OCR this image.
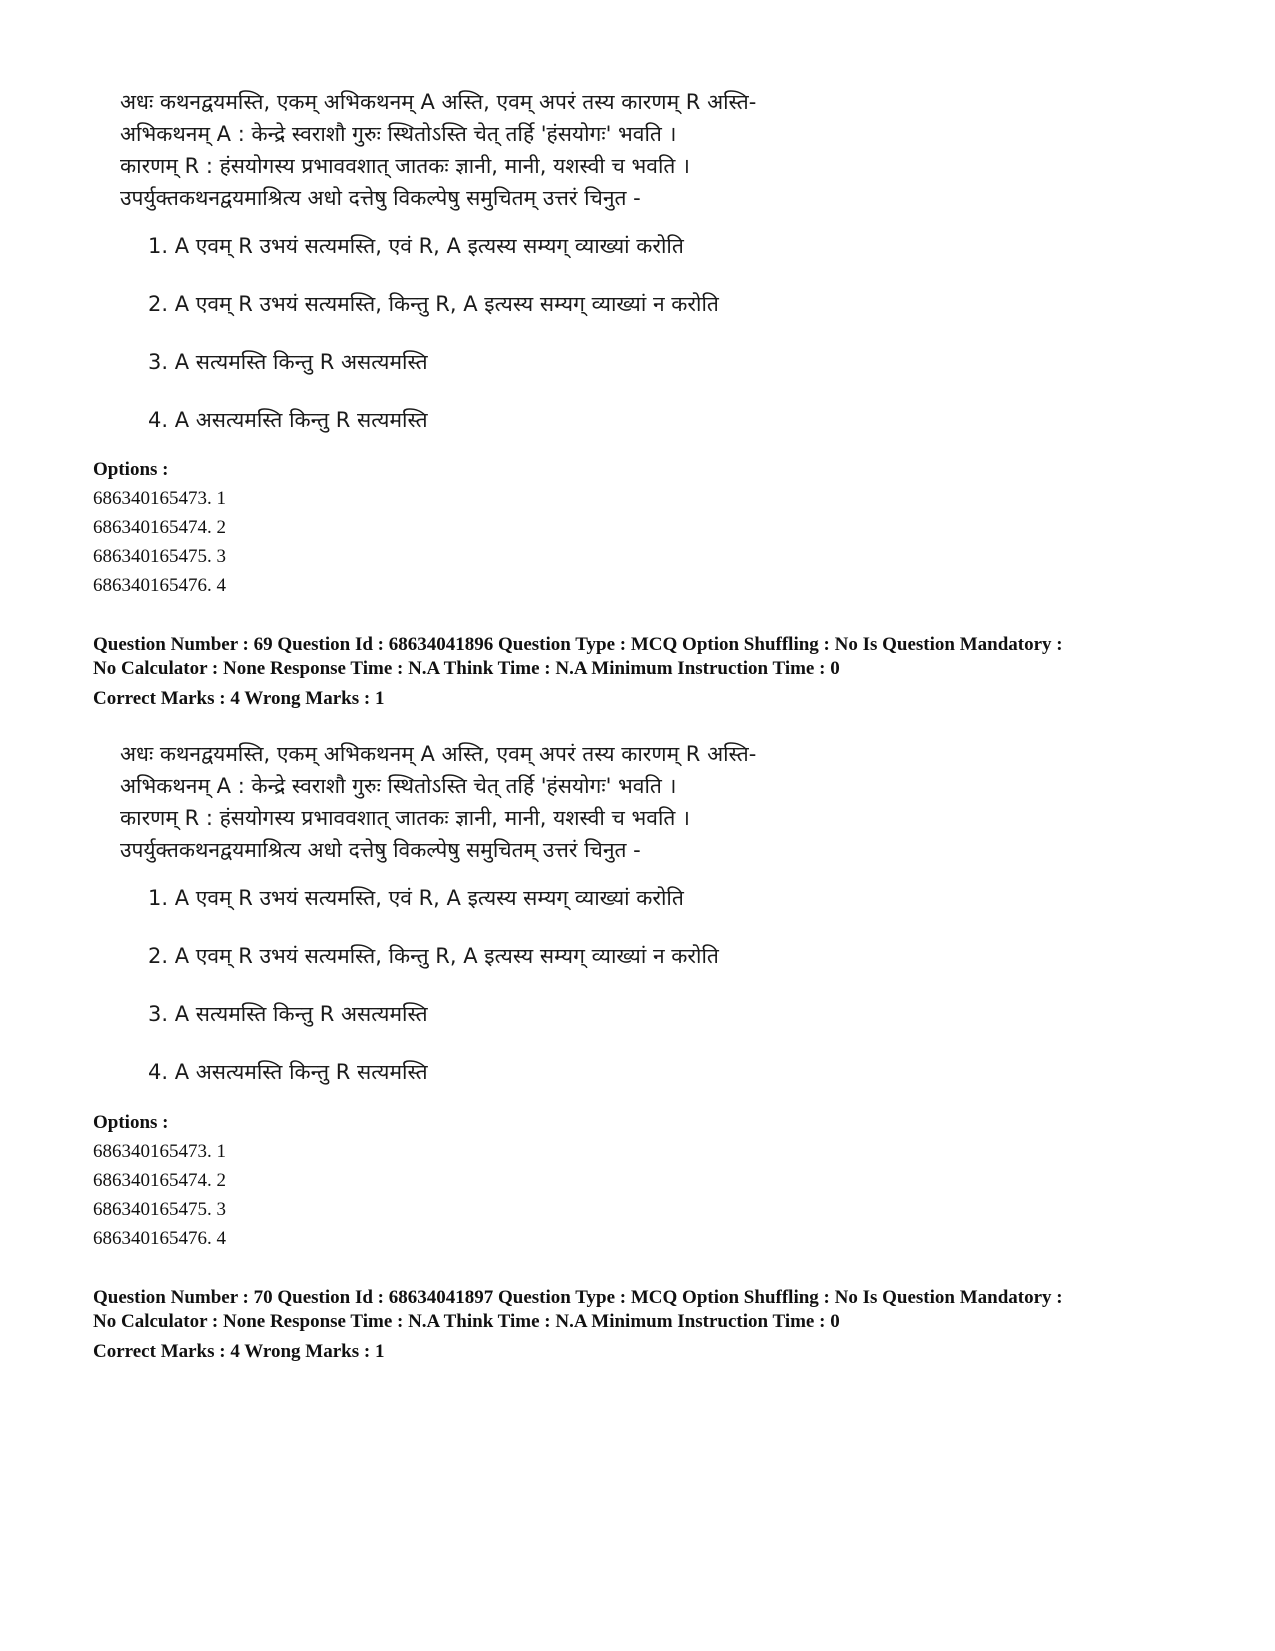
अधः कथनद्वयमस्ति, एकम् अभिकथनम् A अस्ति, एवम् अपरं तस्य कारणम् R अस्ति-
अभिकथनम् A : केन्द्रे स्वराशौ गुरुः स्थितोऽस्ति चेत् तर्हि 'हंसयोगः' भवति ।
कारणम् R : हंसयोगस्य प्रभाववशात् जातकः ज्ञानी, मानी, यशस्वी च भवति ।
उपर्युक्तकथनद्वयमाश्रित्य अधो दत्तेषु विकल्पेषु समुचितम् उत्तरं चिनुत -
1. A एवम् R उभयं सत्यमस्ति, एवं R, A इत्यस्य सम्यग् व्याख्यां करोति
2. A एवम् R उभयं सत्यमस्ति, किन्तु R, A इत्यस्य सम्यग् व्याख्यां न करोति
3. A सत्यमस्ति किन्तु R असत्यमस्ति
4. A असत्यमस्ति किन्तु R सत्यमस्ति
Options :
686340165473. 1
686340165474. 2
686340165475. 3
686340165476. 4
Question Number : 69 Question Id : 68634041896 Question Type : MCQ Option Shuffling : No Is Question Mandatory :
No Calculator : None Response Time : N.A Think Time : N.A Minimum Instruction Time : 0
Correct Marks : 4 Wrong Marks : 1
अधः कथनद्वयमस्ति, एकम् अभिकथनम् A अस्ति, एवम् अपरं तस्य कारणम् R अस्ति-
अभिकथनम् A : केन्द्रे स्वराशौ गुरुः स्थितोऽस्ति चेत् तर्हि 'हंसयोगः' भवति ।
कारणम् R : हंसयोगस्य प्रभाववशात् जातकः ज्ञानी, मानी, यशस्वी च भवति ।
उपर्युक्तकथनद्वयमाश्रित्य अधो दत्तेषु विकल्पेषु समुचितम् उत्तरं चिनुत -
1. A एवम् R उभयं सत्यमस्ति, एवं R, A इत्यस्य सम्यग् व्याख्यां करोति
2. A एवम् R उभयं सत्यमस्ति, किन्तु R, A इत्यस्य सम्यग् व्याख्यां न करोति
3. A सत्यमस्ति किन्तु R असत्यमस्ति
4. A असत्यमस्ति किन्तु R सत्यमस्ति
Options :
686340165473. 1
686340165474. 2
686340165475. 3
686340165476. 4
Question Number : 70 Question Id : 68634041897 Question Type : MCQ Option Shuffling : No Is Question Mandatory :
No Calculator : None Response Time : N.A Think Time : N.A Minimum Instruction Time : 0
Correct Marks : 4 Wrong Marks : 1
